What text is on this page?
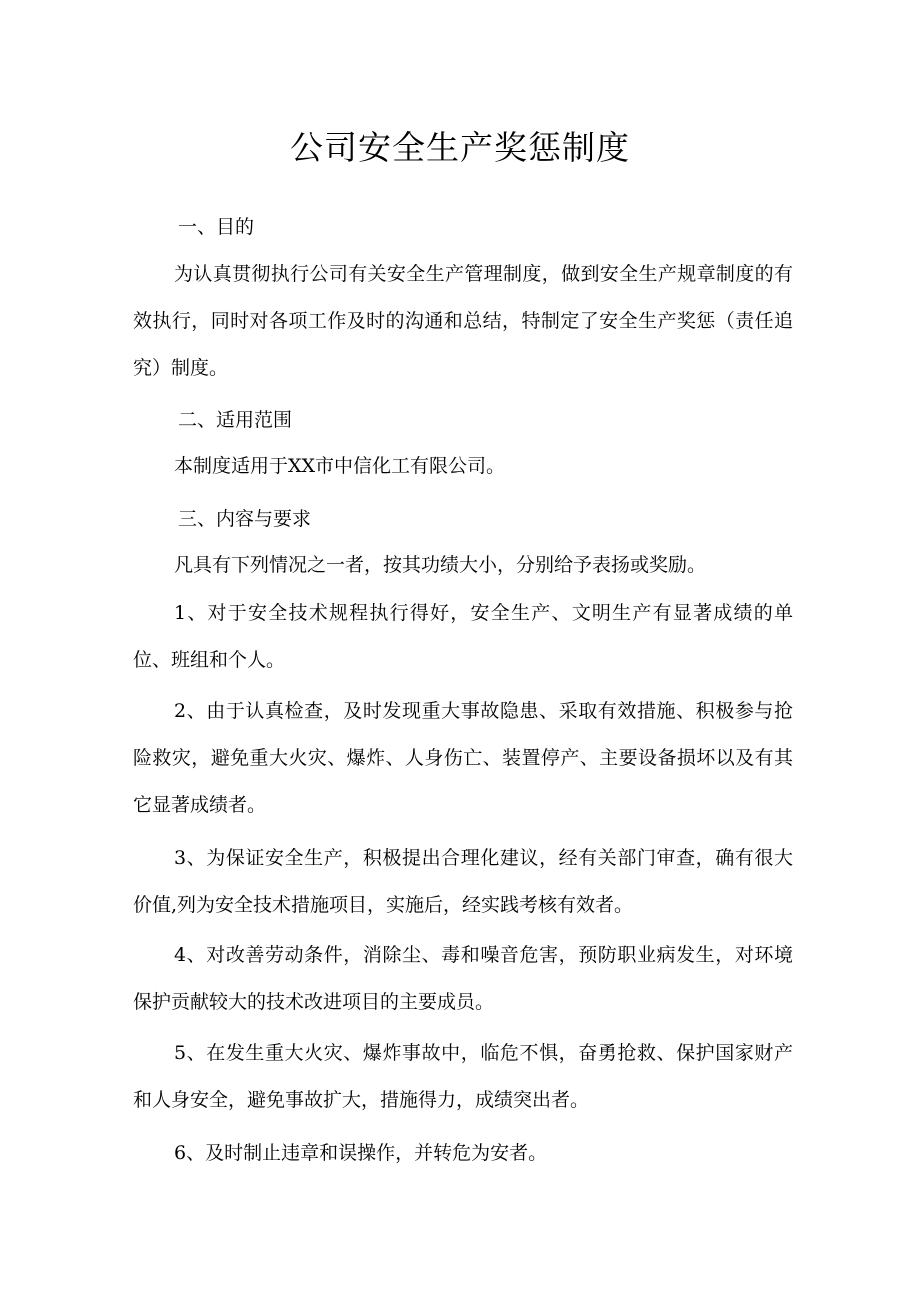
公司安全生产奖惩制度
一、目的

为认真贯彻执行公司有关安全生产管理制度，做到安全生产规章制度的有效执行，同时对各项工作及时的沟通和总结，特制定了安全生产奖惩（责任追究）制度。

二、适用范围

本制度适用于XX市中信化工有限公司。

三、内容与要求

凡具有下列情况之一者，按其功绩大小，分别给予表扬或奖励。

1、对于安全技术规程执行得好，安全生产、文明生产有显著成绩的单位、班组和个人。

2、由于认真检查，及时发现重大事故隐患、采取有效措施、积极参与抢险救灾，避免重大火灾、爆炸、人身伤亡、装置停产、主要设备损坏以及有其它显著成绩者。

3、为保证安全生产，积极提出合理化建议，经有关部门审查，确有很大价值,列为安全技术措施项目，实施后，经实践考核有效者。

4、对改善劳动条件，消除尘、毒和噪音危害，预防职业病发生，对环境保护贡献较大的技术改进项目的主要成员。

5、在发生重大火灾、爆炸事故中，临危不惧，奋勇抢救、保护国家财产和人身安全，避免事故扩大，措施得力，成绩突出者。

6、及时制止违章和误操作，并转危为安者。
